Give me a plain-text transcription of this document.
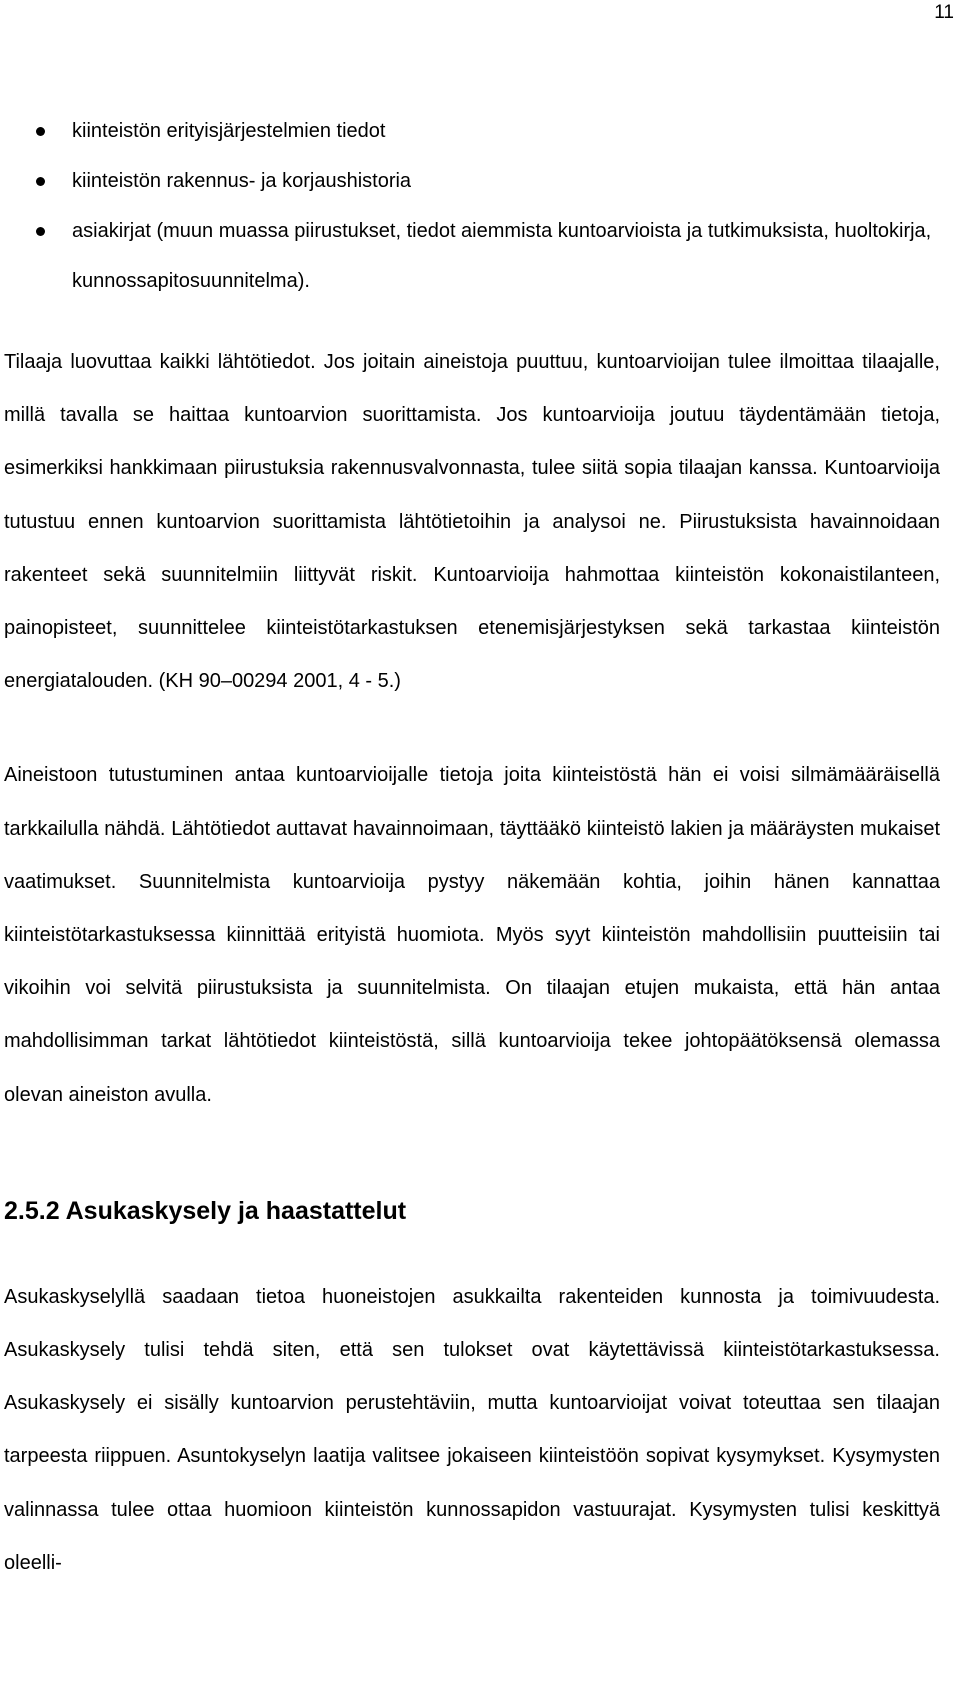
11
kiinteistön erityisjärjestelmien tiedot
kiinteistön rakennus- ja korjaushistoria
asiakirjat (muun muassa piirustukset, tiedot aiemmista kuntoarvioista ja tutkimuksista, huoltokirja, kunnossapitosuunnitelma).

Tilaaja luovuttaa kaikki lähtötiedot. Jos joitain aineistoja puuttuu, kuntoarvioijan tulee ilmoittaa tilaajalle, millä tavalla se haittaa kuntoarvion suorittamista. Jos kuntoarvioija joutuu täydentämään tietoja, esimerkiksi hankkimaan piirustuksia rakennusvalvonnasta, tulee siitä sopia tilaajan kanssa. Kuntoarvioija tutustuu ennen kuntoarvion suorittamista lähtötietoihin ja analysoi ne. Piirustuksista havainnoidaan rakenteet sekä suunnitelmiin liittyvät riskit. Kuntoarvioija hahmottaa kiinteistön kokonaistilanteen, painopisteet, suunnittelee kiinteistötarkastuksen etenemisjärjestyksen sekä tarkastaa kiinteistön energiatalouden. (KH 90–00294 2001, 4 - 5.)

Aineistoon tutustuminen antaa kuntoarvioijalle tietoja joita kiinteistöstä hän ei voisi silmämääräisellä tarkkailulla nähdä. Lähtötiedot auttavat havainnoimaan, täyttääkö kiinteistö lakien ja määräysten mukaiset vaatimukset. Suunnitelmista kuntoarvioija pystyy näkemään kohtia, joihin hänen kannattaa kiinteistötarkastuksessa kiinnittää erityistä huomiota. Myös syyt kiinteistön mahdollisiin puutteisiin tai vikoihin voi selvitä piirustuksista ja suunnitelmista. On tilaajan etujen mukaista, että hän antaa mahdollisimman tarkat lähtötiedot kiinteistöstä, sillä kuntoarvioija tekee johtopäätöksensä olemassa olevan aineiston avulla.

2.5.2 Asukaskysely ja haastattelut

Asukaskyselyllä saadaan tietoa huoneistojen asukkailta rakenteiden kunnosta ja toimivuudesta. Asukaskysely tulisi tehdä siten, että sen tulokset ovat käytettävissä kiinteistötarkastuksessa. Asukaskysely ei sisälly kuntoarvion perustehtäviin, mutta kuntoarvioijat voivat toteuttaa sen tilaajan tarpeesta riippuen. Asuntokyselyn laatija valitsee jokaiseen kiinteistöön sopivat kysymykset. Kysymysten valinnassa tulee ottaa huomioon kiinteistön kunnossapidon vastuurajat. Kysymysten tulisi keskittyä oleelli-
